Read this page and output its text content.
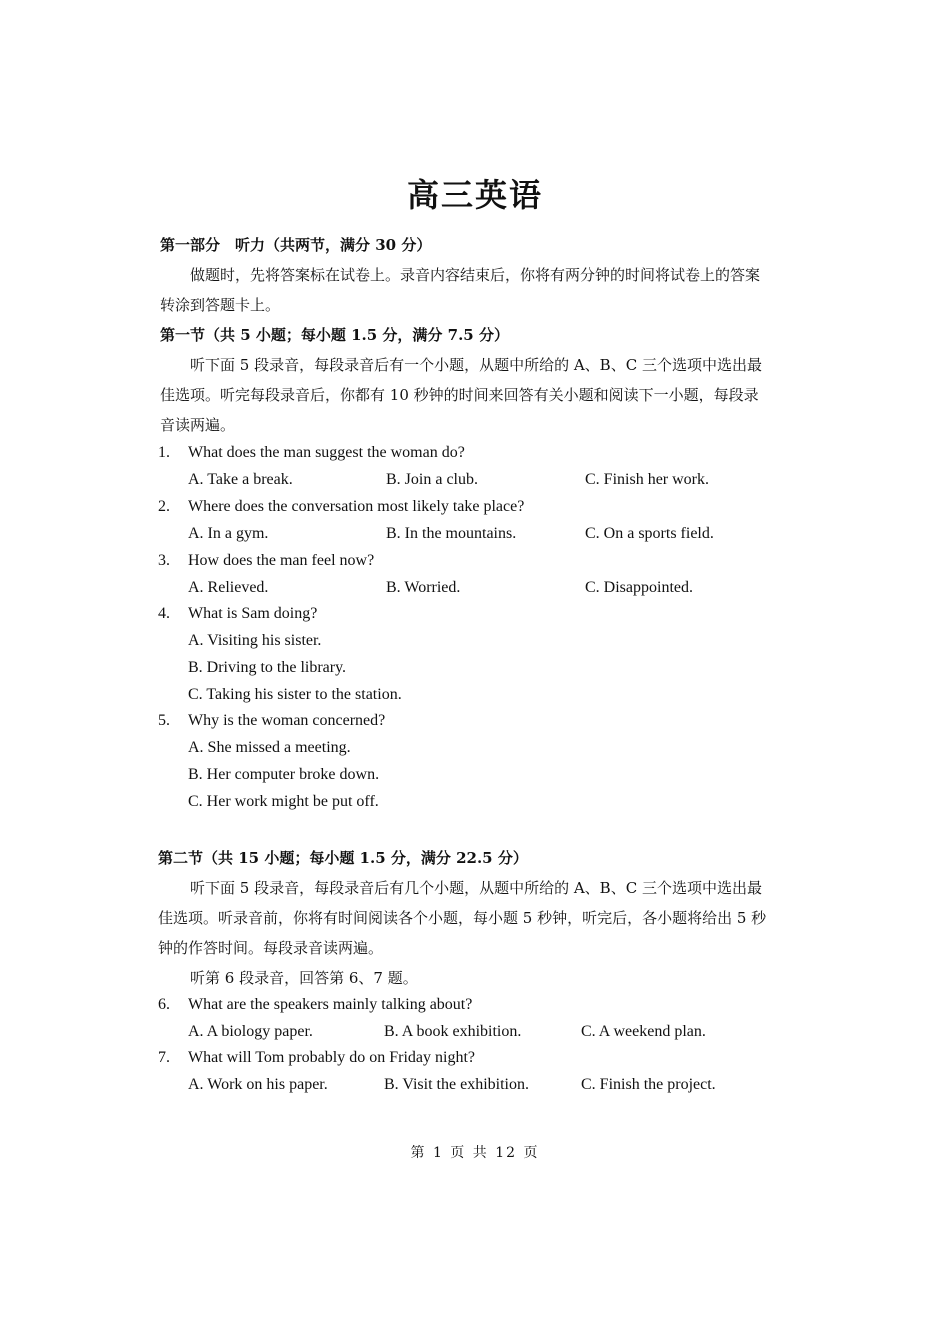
高三英语
第一部分　听力（共两节，满分 30 分）
做题时，先将答案标在试卷上。录音内容结束后，你将有两分钟的时间将试卷上的答案
转涂到答题卡上。
第一节（共 5 小题；每小题 1.5 分，满分 7.5 分）
听下面 5 段录音，每段录音后有一个小题，从题中所给的 A、B、C 三个选项中选出最
佳选项。听完每段录音后，你都有 10 秒钟的时间来回答有关小题和阅读下一小题，每段录
音读两遍。
1. What does the man suggest the woman do?
A. Take a break.	B. Join a club.	C. Finish her work.
2. Where does the conversation most likely take place?
A. In a gym.	B. In the mountains.	C. On a sports field.
3. How does the man feel now?
A. Relieved.	B. Worried.	C. Disappointed.
4. What is Sam doing?
A. Visiting his sister.
B. Driving to the library.
C. Taking his sister to the station.
5. Why is the woman concerned?
A. She missed a meeting.
B. Her computer broke down.
C. Her work might be put off.
第二节（共 15 小题；每小题 1.5 分，满分 22.5 分）
听下面 5 段录音，每段录音后有几个小题，从题中所给的 A、B、C 三个选项中选出最
佳选项。听录音前，你将有时间阅读各个小题，每小题 5 秒钟，听完后，各小题将给出 5 秒
钟的作答时间。每段录音读两遍。
听第 6 段录音，回答第 6、7 题。
6. What are the speakers mainly talking about?
A. A biology paper.	B. A book exhibition.	C. A weekend plan.
7. What will Tom probably do on Friday night?
A. Work on his paper.	B. Visit the exhibition.	C. Finish the project.
第 1 页 共 12 页
